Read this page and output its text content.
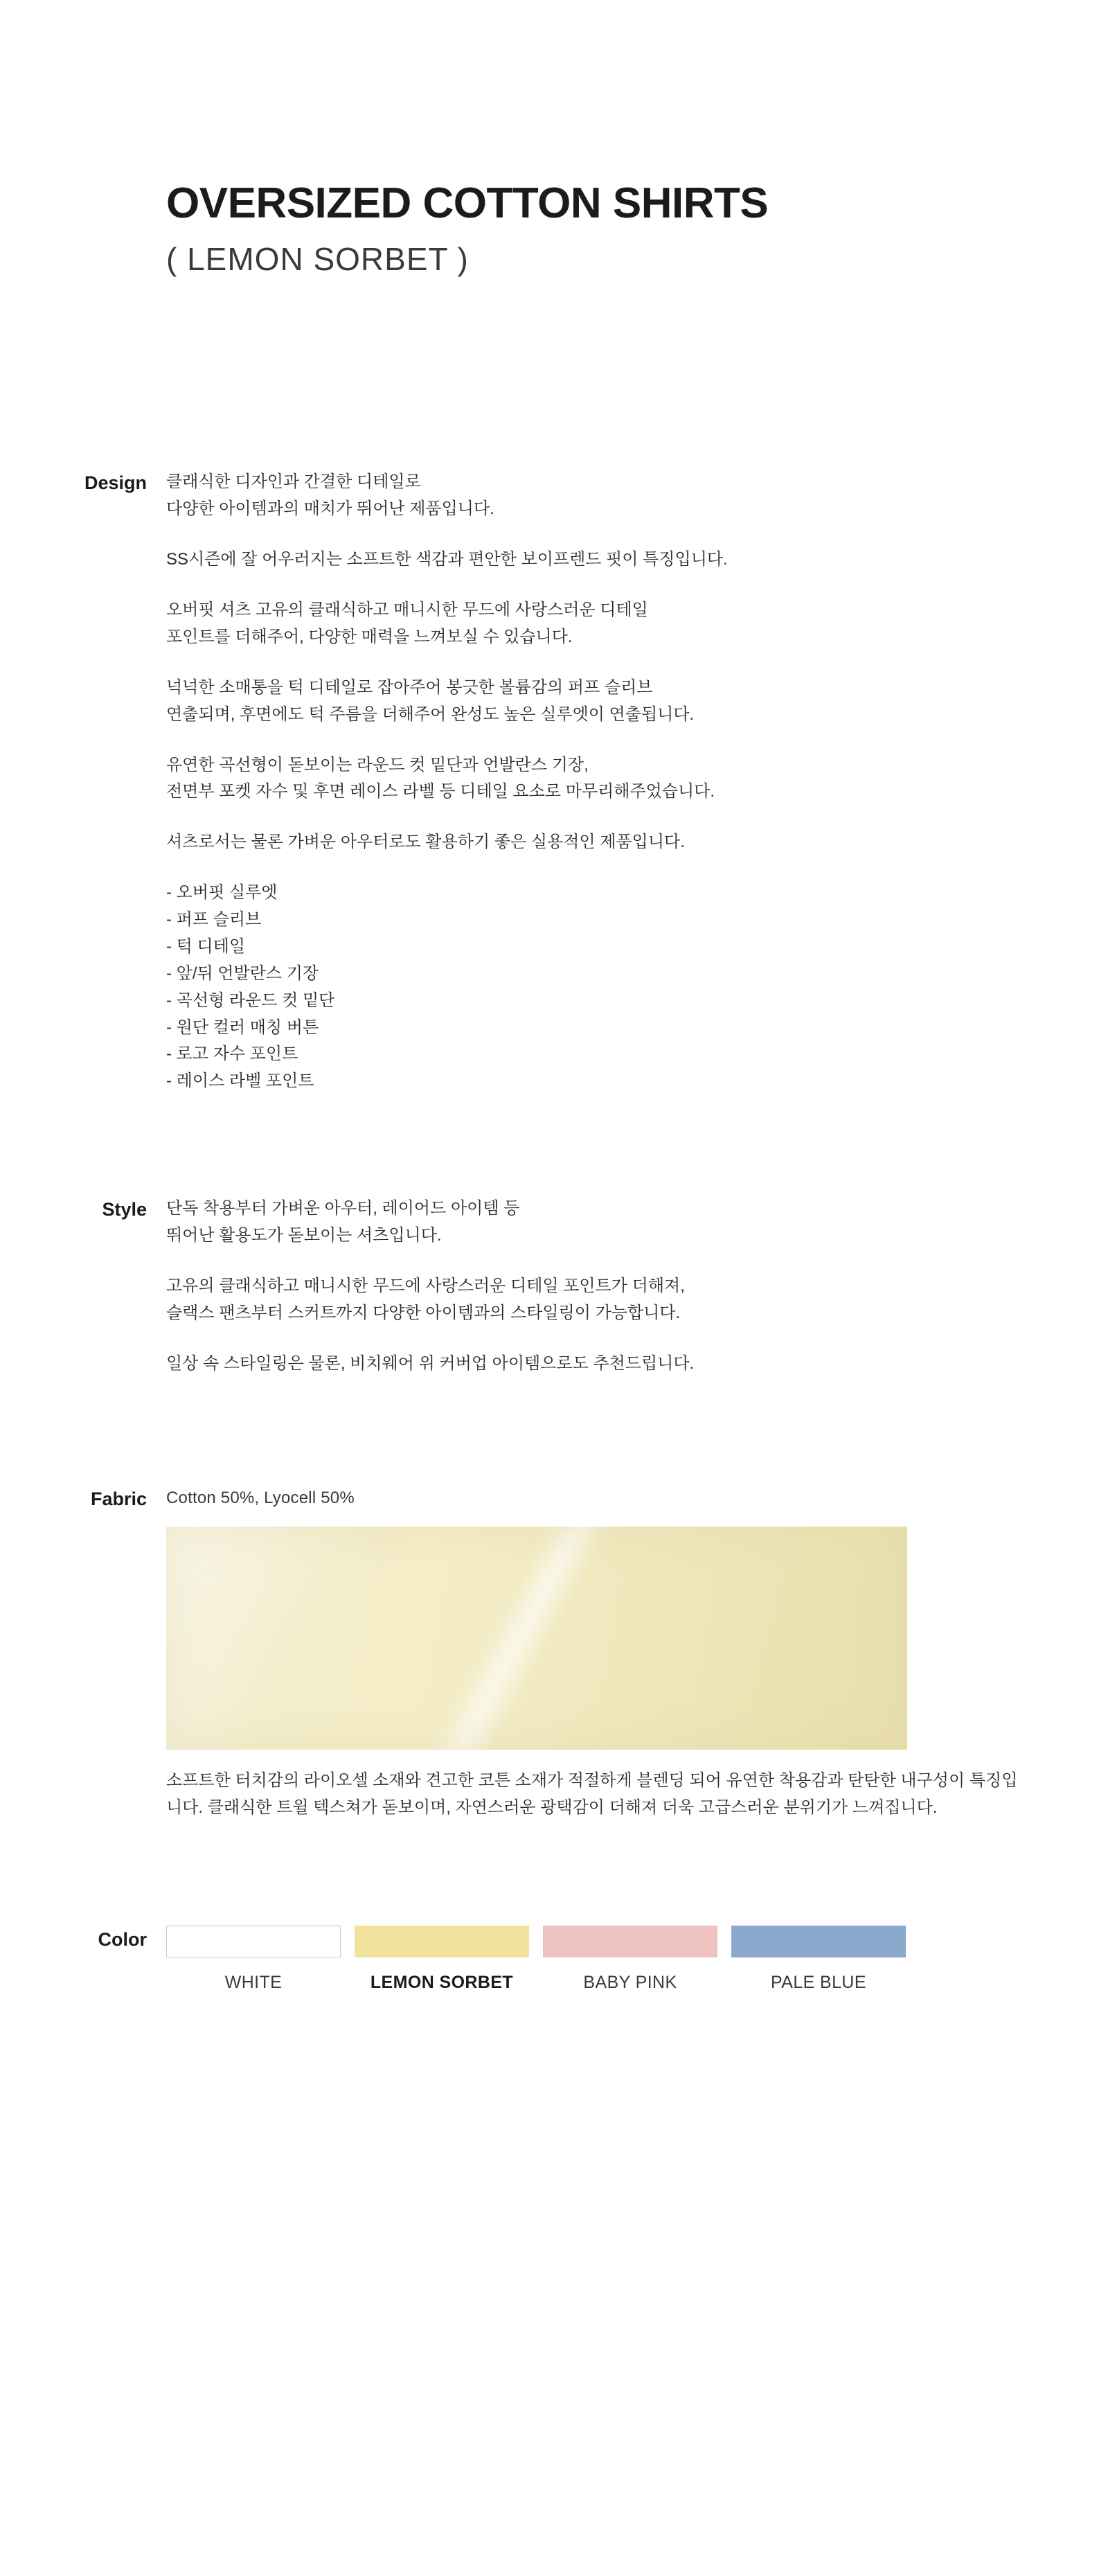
OVERSIZED COTTON SHIRTS
( LEMON SORBET )
Design	클래식한 디자인과 간결한 디테일로
다양한 아이템과의 매치가 뛰어난 제품입니다.
SS시즌에 잘 어우러지는 소프트한 색감과 편안한 보이프렌드 핏이 특징입니다.
오버핏 셔츠 고유의 클래식하고 매니시한 무드에 사랑스러운 디테일
포인트를 더해주어, 다양한 매력을 느껴보실 수 있습니다.
넉넉한 소매통을 턱 디테일로 잡아주어 봉긋한 볼륨감의 퍼프 슬리브
연출되며, 후면에도 턱 주름을 더해주어 완성도 높은 실루엣이 연출됩니다.
유연한 곡선형이 돋보이는 라운드 컷 밑단과 언발란스 기장,
전면부 포켓 자수 및 후면 레이스 라벨 등 디테일 요소로 마무리해주었습니다.
셔츠로서는 물론 가벼운 아우터로도 활용하기 좋은 실용적인 제품입니다.
- 오버핏 실루엣
- 퍼프 슬리브
- 턱 디테일
- 앞/뒤 언발란스 기장
- 곡선형 라운드 컷 밑단
- 원단 컬러 매칭 버튼
- 로고 자수 포인트
- 레이스 라벨 포인트
Style	단독 착용부터 가벼운 아우터, 레이어드 아이템 등
뛰어난 활용도가 돋보이는 셔츠입니다.
고유의 클래식하고 매니시한 무드에 사랑스러운 디테일 포인트가 더해져,
슬랙스 팬츠부터 스커트까지 다양한 아이템과의 스타일링이 가능합니다.
일상 속 스타일링은 물론, 비치웨어 위 커버업 아이템으로도 추천드립니다.
Fabric	Cotton 50%, Lyocell 50%
소프트한 터치감의 라이오셀 소재와 견고한 코튼 소재가 적절하게 블렌딩 되어 유연한 착용감과 탄탄한 내구성이 특징입니다. 클래식한 트윌 텍스쳐가 돋보이며, 자연스러운 광택감이 더해져 더욱 고급스러운 분위기가 느껴집니다.
Color
WHITE	LEMON SORBET	BABY PINK	PALE BLUE
